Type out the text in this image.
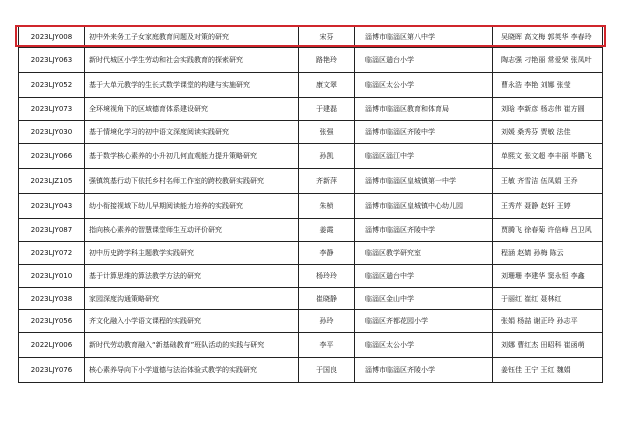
2023LJY008	初中外来务工子女家庭教育问题及对策的研究	宋芬	淄博市临淄区第八中学	吴晓晖 高文梅 郭英华 李春玲
2023LJY063	新时代城区小学生劳动和社会实践教育的探索研究	路艳玲	临淄区遄台小学	陶志强 刁艳丽 常爱荣 张凤叶
2023LJY052	基于大单元教学的生长式数学课堂的构建与实施研究	康文翠	临淄区太公小学	曹永浩 李艳 刘娜 张莹
2023LJY073	全环境视角下的区域德育体系建设研究	于建磊	淄博市临淄区教育和体育局	刘晗 李新彦 杨志伟 崔方圆
2023LJY030	基于情境化学习的初中语文深度阅读实践研究	张强	淄博市临淄区齐陵中学	刘媛 桑秀芬 贾敏 法佳
2023LJY066	基于数学核心素养的小升初几何直观能力提升策略研究	孙凯	临淄区淄江中学	单熙文 张文超 李丰丽 毕鹏飞
2023LJZ105	强镇筑基行动下依托乡村名师工作室的跨校教研实践研究	齐新萍	淄博市临淄区皇城镇第一中学	王敏 齐雪洁 伍凤娟 王乔
2023LJY043	幼小衔接视域下幼儿早期阅读能力培养的实践研究	朱桢	淄博市临淄区皇城镇中心幼儿园	王秀芹 聂静 赵轩 王婷
2023LJY087	指向核心素养的智慧课堂师生互动评价研究	姜霞	淄博市临淄区齐陵中学	贾腾飞 徐春菊 许倍峰 吕卫风
2023LJY072	初中历史跨学科主题教学实践研究	李静	临淄区教学研究室	程涵 赵婧 孙梅 陈云
2023LJY010	基于计算思维的算法教学方法的研究	杨玲玲	临淄区遄台中学	刘珊珊 李建华 窦永恒 李鑫
2023LJY038	家园深度沟通策略研究	崔晓静	临淄区金山中学	于丽红 崔红 聂林红
2023LJY056	齐文化融入小学语文课程的实践研究	孙玲	临淄区齐都花园小学	张娟 杨喆 谢正玲 孙志平
2022LJY006	新时代劳动教育融入“新基础教育”班队活动的实践与研究	李平	临淄区太公小学	刘娜 曹红杰 田昭科 崔函萌
2023LJY076	核心素养导向下小学道德与法治体验式教学的实践研究	于国良	淄博市临淄区齐陵小学	姜钰佳 王宁 王红 魏娟
